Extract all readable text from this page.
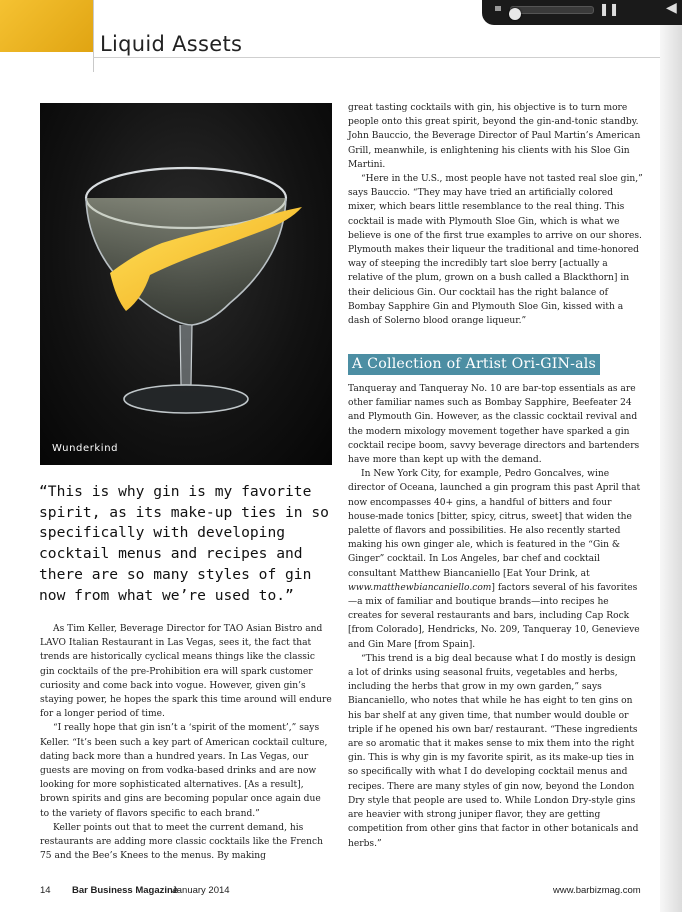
Liquid Assets
❚❚	◀
Wunderkind

“This is why gin is my favorite spirit, as its make-up ties in so specifically with developing cocktail menus and recipes and there are so many styles of gin now from what we’re used to.”

As Tim Keller, Beverage Director for TAO Asian Bistro and LAVO Italian Restaurant in Las Vegas, sees it, the fact that trends are historically cyclical means things like the classic gin cocktails of the pre-Prohibition era will spark customer curiosity and come back into vogue. However, given gin’s staying power, he hopes the spark this time around will endure for a longer period of time.

“I really hope that gin isn’t a ‘spirit of the moment’,” says Keller. “It’s been such a key part of American cocktail culture, dating back more than a hundred years. In Las Vegas, our guests are moving on from vodka-based drinks and are now looking for more sophisticated alternatives. [As a result], brown spirits and gins are becoming popular once again due to the variety of flavors specific to each brand.”

Keller points out that to meet the current demand, his restaurants are adding more classic cocktails like the French 75 and the Bee’s Knees to the menus. By making

great tasting cocktails with gin, his objective is to turn more people onto this great spirit, beyond the gin-and-tonic standby. John Bauccio, the Beverage Director of Paul Martin’s American Grill, meanwhile, is enlightening his clients with his Sloe Gin Martini.

“Here in the U.S., most people have not tasted real sloe gin,” says Bauccio. “They may have tried an artificially colored mixer, which bears little resemblance to the real thing. This cocktail is made with Plymouth Sloe Gin, which is what we believe is one of the first true examples to arrive on our shores. Plymouth makes their liqueur the traditional and time-honored way of steeping the incredibly tart sloe berry [actually a relative of the plum, grown on a bush called a Blackthorn] in their delicious Gin. Our cocktail has the right balance of Bombay Sapphire Gin and Plymouth Sloe Gin, kissed with a dash of Solerno blood orange liqueur.”

A Collection of Artist Ori-GIN-als

Tanqueray and Tanqueray No. 10 are bar-top essentials as are other familiar names such as Bombay Sapphire, Beefeater 24 and Plymouth Gin. However, as the classic cocktail revival and the modern mixology movement together have sparked a gin cocktail recipe boom, savvy beverage directors and bartenders have more than kept up with the demand.

In New York City, for example, Pedro Goncalves, wine director of Oceana, launched a gin program this past April that now encompasses 40+ gins, a handful of bitters and four house-made tonics [bitter, spicy, citrus, sweet] that widen the palette of flavors and possibilities. He also recently started making his own ginger ale, which is featured in the “Gin & Ginger” cocktail. In Los Angeles, bar chef and cocktail consultant Matthew Biancaniello [Eat Your Drink, at www.matthewbiancaniello.com] factors several of his favorites—a mix of familiar and boutique brands—into recipes he creates for several restaurants and bars, including Cap Rock [from Colorado], Hendricks, No. 209, Tanqueray 10, Genevieve and Gin Mare [from Spain].

“This trend is a big deal because what I do mostly is design a lot of drinks using seasonal fruits, vegetables and herbs, including the herbs that grow in my own garden,” says Biancaniello, who notes that while he has eight to ten gins on his bar shelf at any given time, that number would double or triple if he opened his own bar/ restaurant. “These ingredients are so aromatic that it makes sense to mix them into the right gin. This is why gin is my favorite spirit, as its make-up ties in so specifically with what I do developing cocktail menus and recipes. There are many styles of gin now, beyond the London Dry style that people are used to. While London Dry-style gins are heavier with strong juniper flavor, they are getting competition from other gins that factor in other botanicals and herbs.”

14 Bar Business Magazine
January 2014	www.barbizmag.com
